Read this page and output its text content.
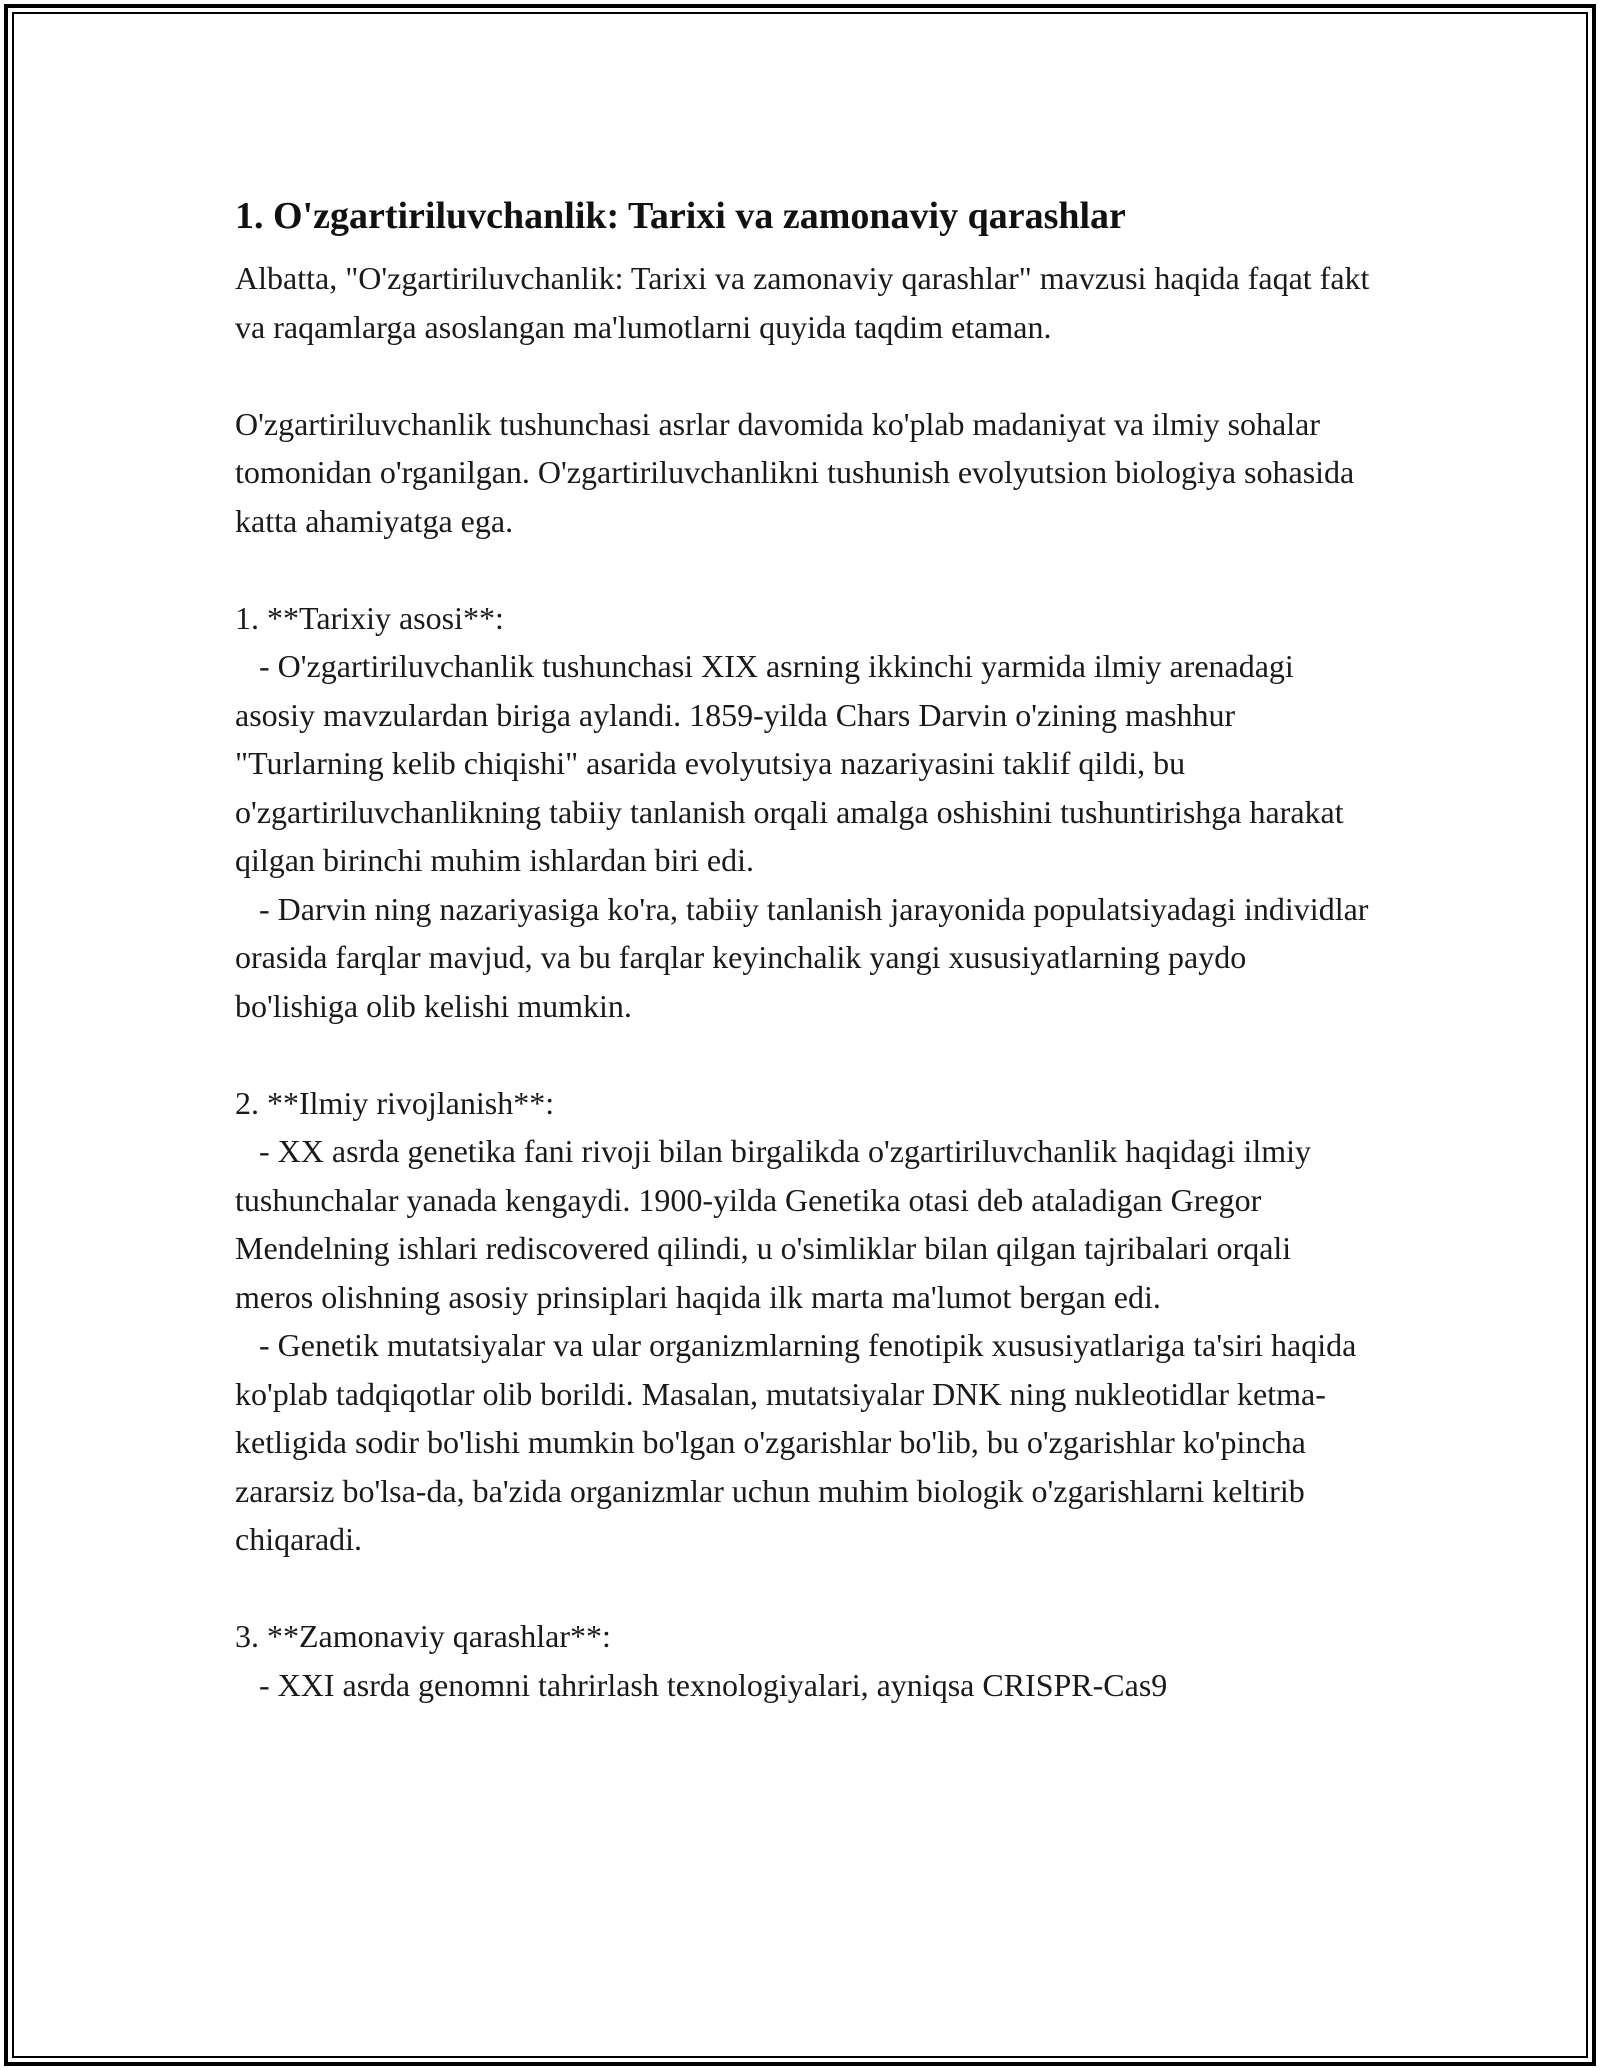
1. O'zgartiriluvchanlik: Tarixi va zamonaviy qarashlar

Albatta, "O'zgartiriluvchanlik: Tarixi va zamonaviy qarashlar" mavzusi haqida faqat fakt va raqamlarga asoslangan ma'lumotlarni quyida taqdim etaman.

O'zgartiriluvchanlik tushunchasi asrlar davomida ko'plab madaniyat va ilmiy sohalar tomonidan o'rganilgan. O'zgartiriluvchanlikni tushunish evolyutsion biologiya sohasida katta ahamiyatga ega.

1. **Tarixiy asosi**:

- O'zgartiriluvchanlik tushunchasi XIX asrning ikkinchi yarmida ilmiy arenadagi asosiy mavzulardan biriga aylandi. 1859-yilda Chars Darvin o'zining mashhur "Turlarning kelib chiqishi" asarida evolyutsiya nazariyasini taklif qildi, bu o'zgartiriluvchanlikning tabiiy tanlanish orqali amalga oshishini tushuntirishga harakat qilgan birinchi muhim ishlardan biri edi.

- Darvin ning nazariyasiga ko'ra, tabiiy tanlanish jarayonida populatsiyadagi individlar orasida farqlar mavjud, va bu farqlar keyinchalik yangi xususiyatlarning paydo bo'lishiga olib kelishi mumkin.

2. **Ilmiy rivojlanish**:

- XX asrda genetika fani rivoji bilan birgalikda o'zgartiriluvchanlik haqidagi ilmiy tushunchalar yanada kengaydi. 1900-yilda Genetika otasi deb ataladigan Gregor Mendelning ishlari rediscovered qilindi, u o'simliklar bilan qilgan tajribalari orqali meros olishning asosiy prinsiplari haqida ilk marta ma'lumot bergan edi.

- Genetik mutatsiyalar va ular organizmlarning fenotipik xususiyatlariga ta'siri haqida ko'plab tadqiqotlar olib borildi. Masalan, mutatsiyalar DNK ning nukleotidlar ketma-ketligida sodir bo'lishi mumkin bo'lgan o'zgarishlar bo'lib, bu o'zgarishlar ko'pincha zararsiz bo'lsa-da, ba'zida organizmlar uchun muhim biologik o'zgarishlarni keltirib chiqaradi.

3. **Zamonaviy qarashlar**:

- XXI asrda genomni tahrirlash texnologiyalari, ayniqsa CRISPR-Cas9
